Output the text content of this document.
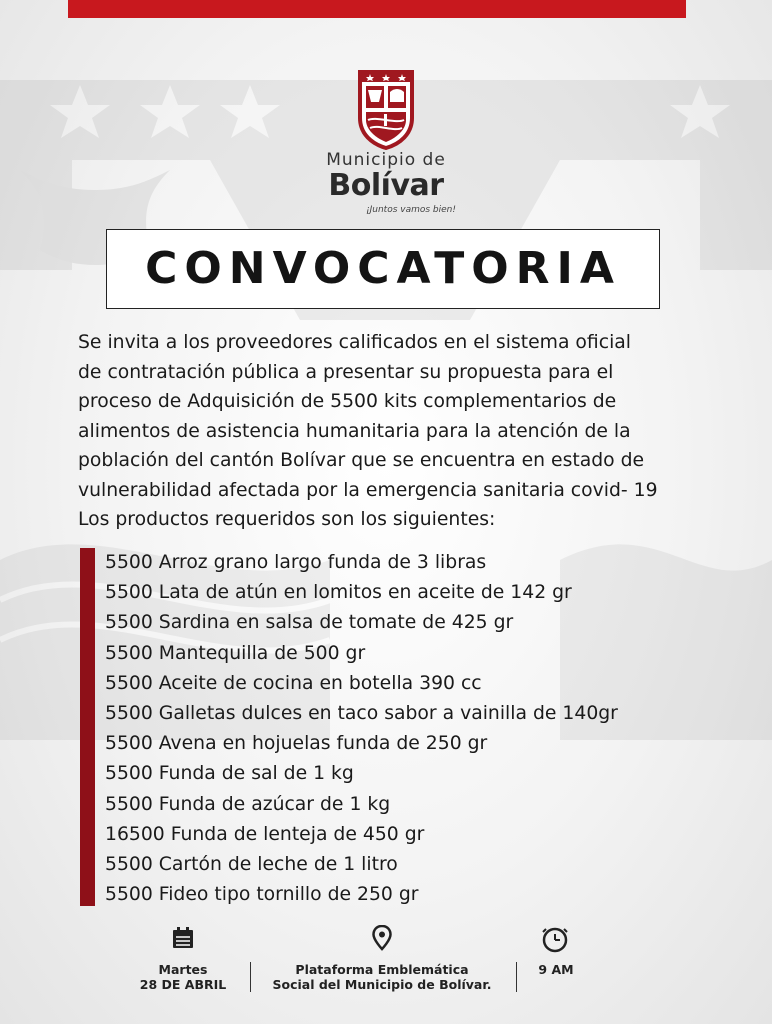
Municipio de
Bolívar
¡Juntos vamos bien!
CONVOCATORIA
Se invita a los proveedores calificados en el sistema oficial
de contratación pública a presentar su propuesta para el
proceso de Adquisición de 5500 kits complementarios de
alimentos de asistencia humanitaria para la atención de la
población del cantón Bolívar que se encuentra en estado de
vulnerabilidad afectada por la emergencia sanitaria covid- 19
Los productos requeridos son los siguientes:
5500 Arroz grano largo funda de 3 libras
5500 Lata de atún en lomitos en aceite de 142 gr
5500 Sardina en salsa de tomate de 425 gr
5500 Mantequilla de 500 gr
5500 Aceite de cocina en botella 390 cc
5500 Galletas dulces en taco sabor a vainilla de 140gr
5500 Avena en hojuelas funda de 250 gr
5500 Funda de sal de 1 kg
5500 Funda de azúcar de 1 kg
16500 Funda de lenteja de 450 gr
5500 Cartón de leche de 1 litro
5500 Fideo tipo tornillo de 250 gr
Martes
28 DE ABRIL
Plataforma Emblemática
Social del Municipio de Bolívar.
9 AM
